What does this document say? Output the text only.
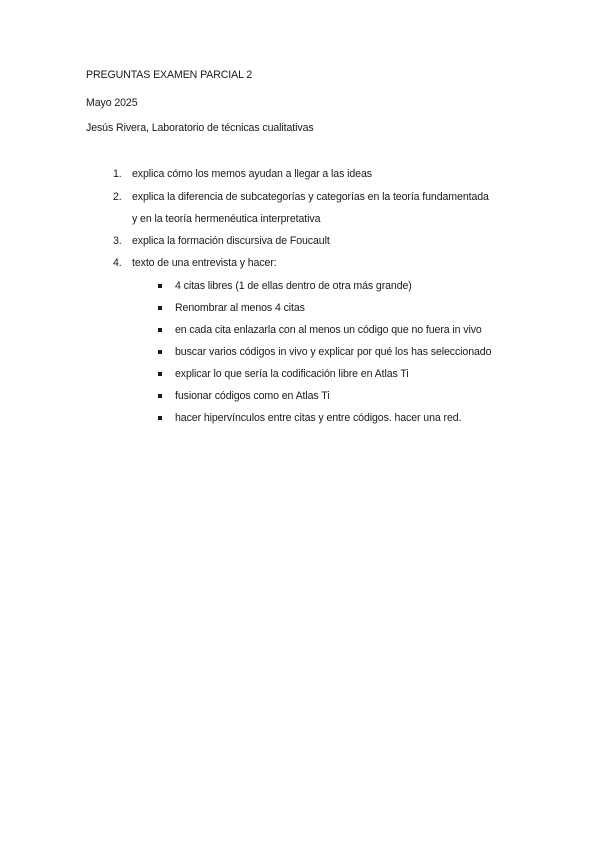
PREGUNTAS EXAMEN PARCIAL 2
Mayo 2025
Jesús Rivera, Laboratorio de técnicas cualitativas
1. explica cómo los memos ayudan a llegar a las ideas
2. explica la diferencia de subcategorías y categorías en la teoría fundamentada
y en la teoría hermenéutica interpretativa
3. explica la formación discursiva de Foucault
4. texto de una entrevista y hacer:
4 citas libres (1 de ellas dentro de otra más grande)
Renombrar al menos 4 citas
en cada cita enlazarla con al menos un código que no fuera in vivo
buscar varios códigos in vivo y explicar por qué los has seleccionado
explicar lo que sería la codificación libre en Atlas Ti
fusionar códigos como en Atlas Ti
hacer hipervínculos entre citas y entre códigos. hacer una red.
